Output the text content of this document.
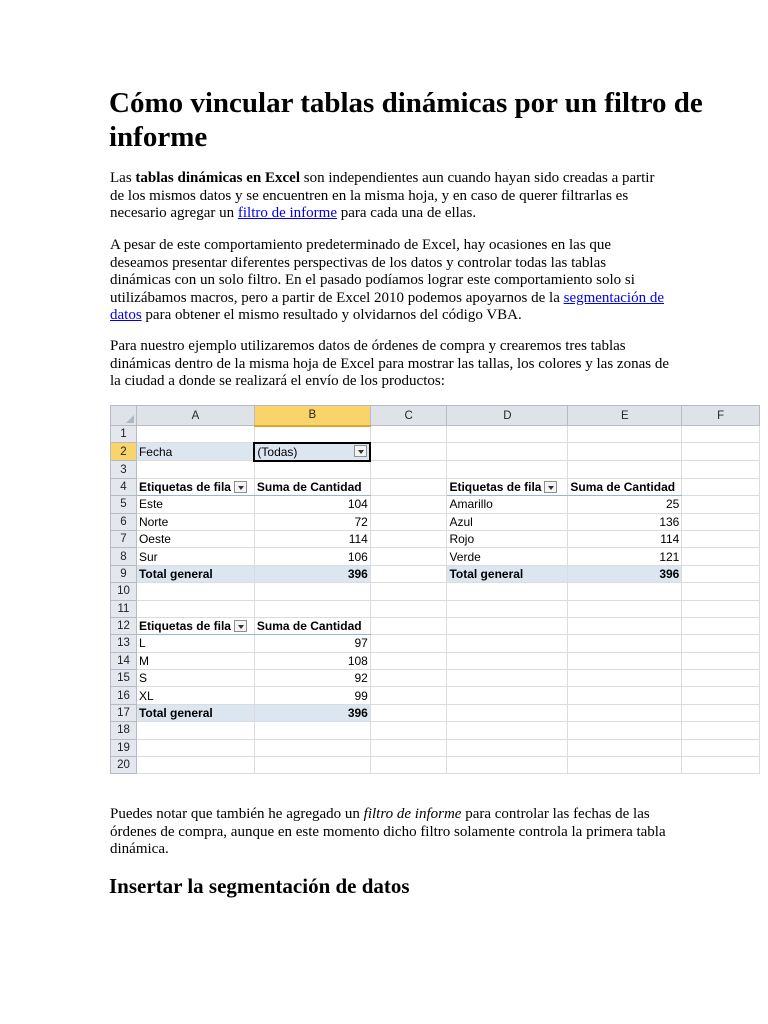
Cómo vincular tablas dinámicas por un filtro de informe

Las tablas dinámicas en Excel son independientes aun cuando hayan sido creadas a partir de los mismos datos y se encuentren en la misma hoja, y en caso de querer filtrarlas es necesario agregar un filtro de informe para cada una de ellas.

A pesar de este comportamiento predeterminado de Excel, hay ocasiones en las que deseamos presentar diferentes perspectivas de los datos y controlar todas las tablas dinámicas con un solo filtro. En el pasado podíamos lograr este comportamiento solo si utilizábamos macros, pero a partir de Excel 2010 podemos apoyarnos de la segmentación de datos para obtener el mismo resultado y olvidarnos del código VBA.

Para nuestro ejemplo utilizaremos datos de órdenes de compra y crearemos tres tablas dinámicas dentro de la misma hoja de Excel para mostrar las tallas, los colores y las zonas de la ciudad a donde se realizará el envío de los productos:

	A	B	C	D	E	F
1						
2	Fecha	(Todas)

3						
4	Etiquetas de fila	Suma de Cantidad		Etiquetas de fila	Suma de Cantidad	
5	Este	104		Amarillo	25	
6	Norte	72		Azul	136	
7	Oeste	114		Rojo	114	
8	Sur	106		Verde	121	
9	Total general	396		Total general	396	
10						
11						
12	Etiquetas de fila	Suma de Cantidad				
13	L	97				
14	M	108				
15	S	92				
16	XL	99				
17	Total general	396				
18						
19						
20						

Puedes notar que también he agregado un filtro de informe para controlar las fechas de las órdenes de compra, aunque en este momento dicho filtro solamente controla la primera tabla dinámica.

Insertar la segmentación de datos
